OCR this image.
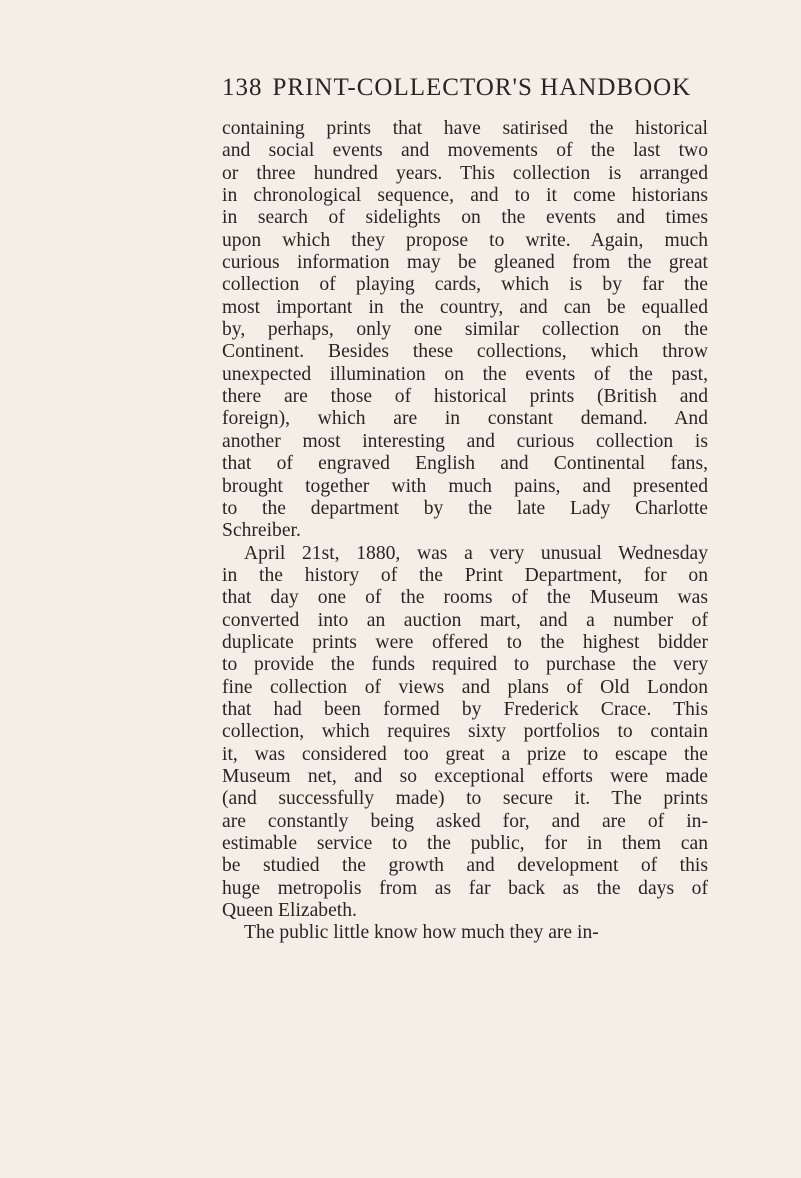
138 PRINT-COLLECTOR'S HANDBOOK
containing prints that have satirised the historical
and social events and movements of the last two
or three hundred years. This collection is arranged
in chronological sequence, and to it come historians
in search of sidelights on the events and times
upon which they propose to write. Again, much
curious information may be gleaned from the great
collection of playing cards, which is by far the
most important in the country, and can be equalled
by, perhaps, only one similar collection on the
Continent. Besides these collections, which throw
unexpected illumination on the events of the past,
there are those of historical prints (British and
foreign), which are in constant demand. And
another most interesting and curious collection is
that of engraved English and Continental fans,
brought together with much pains, and presented
to the department by the late Lady Charlotte
Schreiber.
April 21st, 1880, was a very unusual Wednesday
in the history of the Print Department, for on
that day one of the rooms of the Museum was
converted into an auction mart, and a number of
duplicate prints were offered to the highest bidder
to provide the funds required to purchase the very
fine collection of views and plans of Old London
that had been formed by Frederick Crace. This
collection, which requires sixty portfolios to contain
it, was considered too great a prize to escape the
Museum net, and so exceptional efforts were made
(and successfully made) to secure it. The prints
are constantly being asked for, and are of in-
estimable service to the public, for in them can
be studied the growth and development of this
huge metropolis from as far back as the days of
Queen Elizabeth.
The public little know how much they are in-
